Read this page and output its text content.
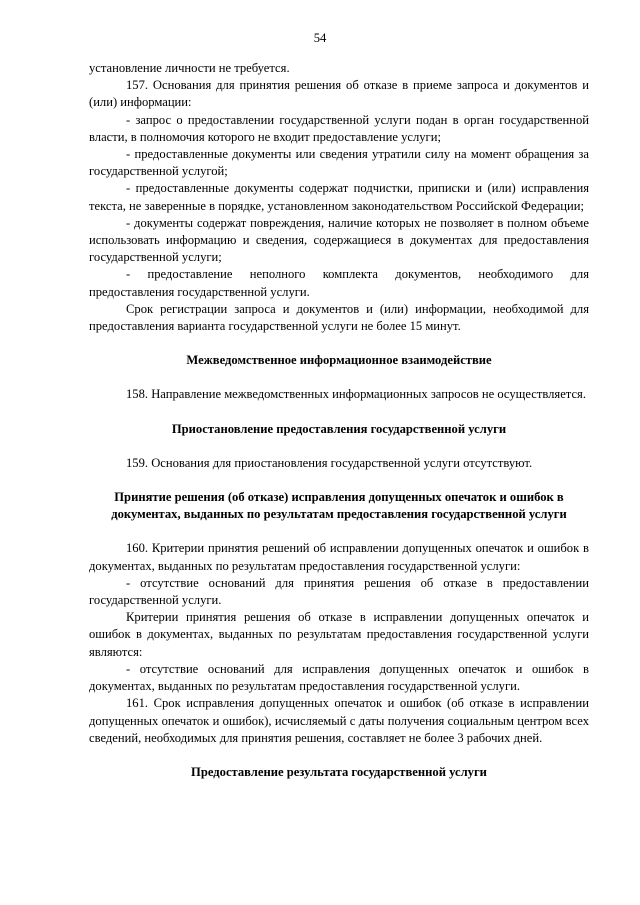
54

установление личности не требуется.

157. Основания для принятия решения об отказе в приеме запроса и документов и (или) информации:

- запрос о предоставлении государственной услуги подан в орган государственной власти, в полномочия которого не входит предоставление услуги;

- предоставленные документы или сведения утратили силу на момент обращения за государственной услугой;

- предоставленные документы содержат подчистки, приписки и (или) исправления текста, не заверенные в порядке, установленном законодательством Российской Федерации;

- документы содержат повреждения, наличие которых не позволяет в полном объеме использовать информацию и сведения, содержащиеся в документах для предоставления государственной услуги;

- предоставление неполного комплекта документов, необходимого для предоставления государственной услуги.

Срок регистрации запроса и документов и (или) информации, необходимой для предоставления варианта государственной услуги не более 15 минут.

Межведомственное информационное взаимодействие

158. Направление межведомственных информационных запросов не осуществляется.

Приостановление предоставления государственной услуги

159. Основания для приостановления государственной услуги отсутствуют.

Принятие решения (об отказе) исправления допущенных опечаток и ошибок в документах, выданных по результатам предоставления государственной услуги

160. Критерии принятия решений об исправлении допущенных опечаток и ошибок в документах, выданных по результатам предоставления государственной услуги:

- отсутствие оснований для принятия решения об отказе в предоставлении государственной услуги.

Критерии принятия решения об отказе в исправлении допущенных опечаток и ошибок в документах, выданных по результатам предоставления государственной услуги являются:

- отсутствие оснований для исправления допущенных опечаток и ошибок в документах, выданных по результатам предоставления государственной услуги.

161. Срок исправления допущенных опечаток и ошибок (об отказе в исправлении допущенных опечаток и ошибок), исчисляемый с даты получения социальным центром всех сведений, необходимых для принятия решения, составляет не более 3 рабочих дней.

Предоставление результата государственной услуги
